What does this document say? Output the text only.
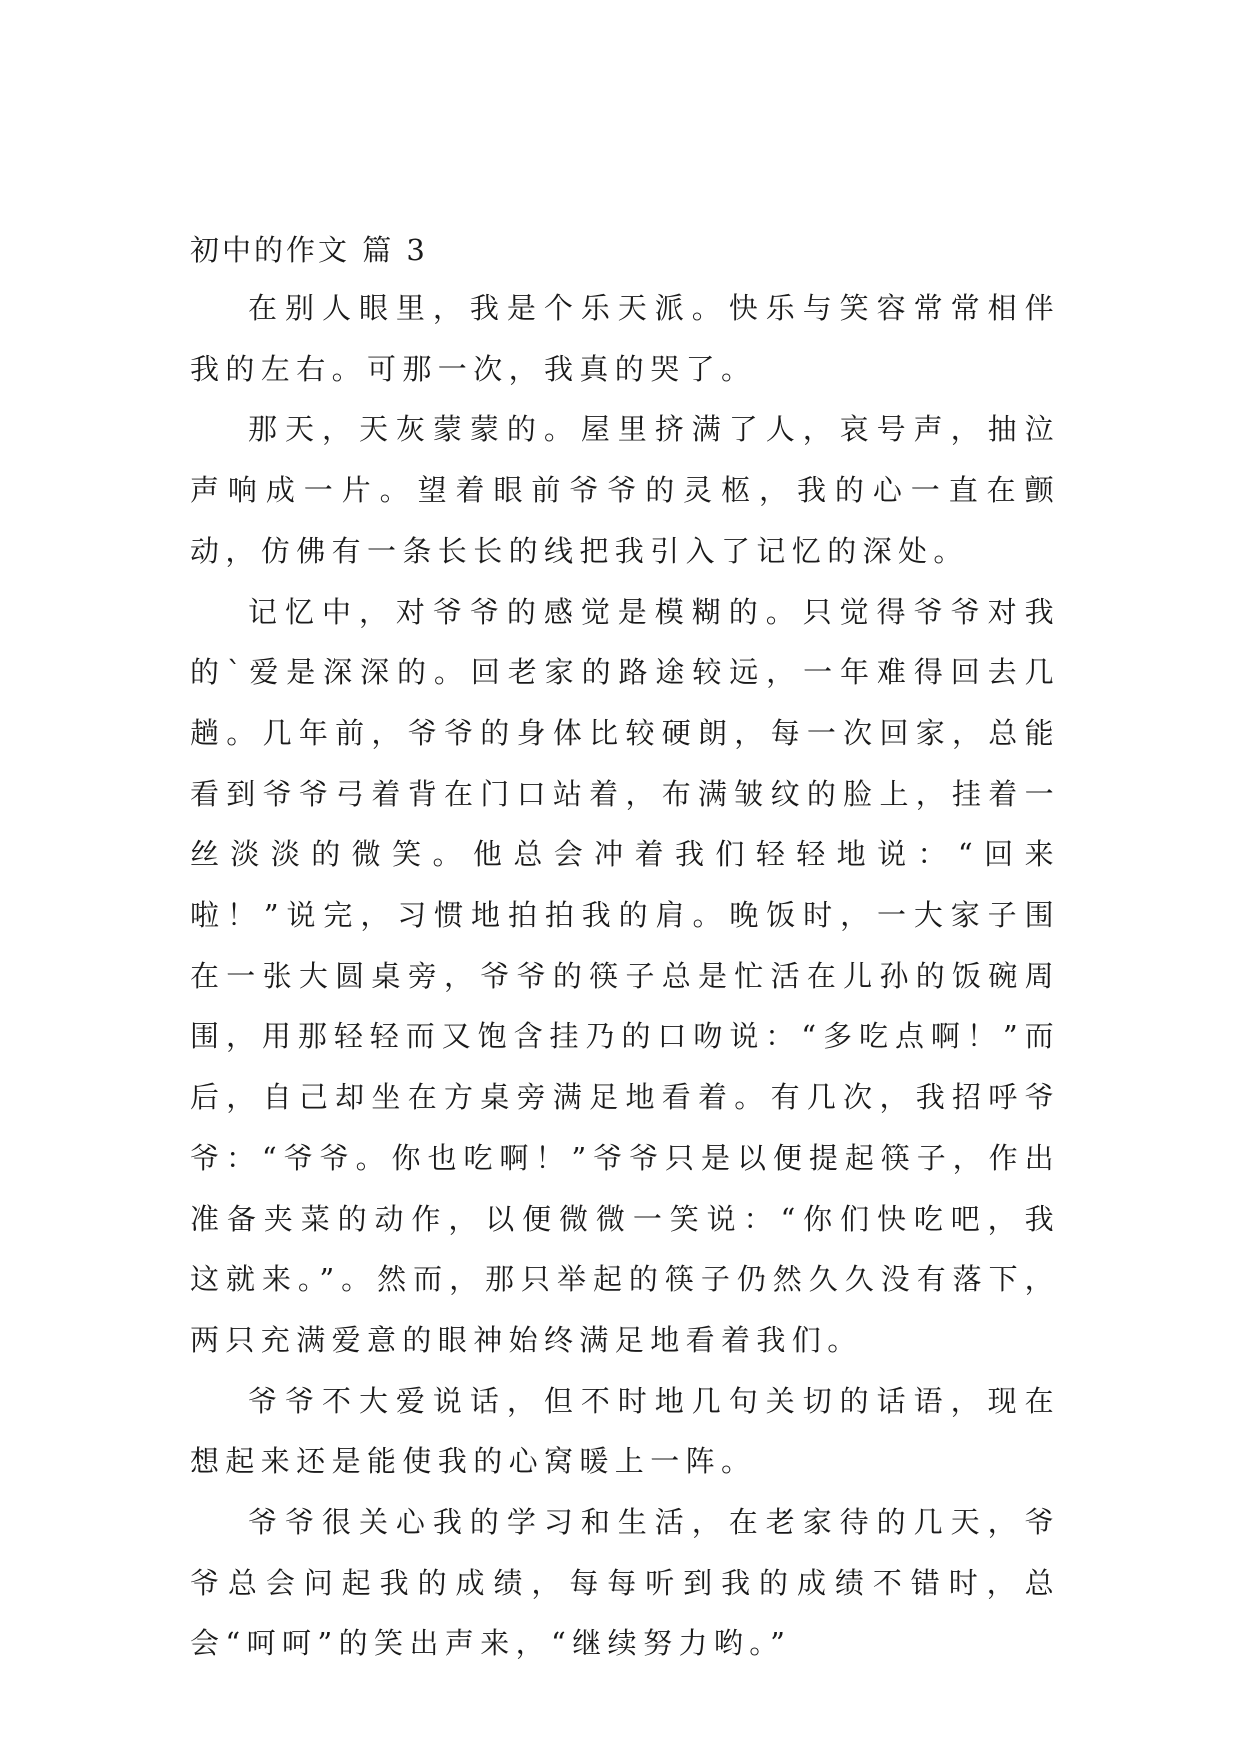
初中的作文 篇 3

在别人眼里，我是个乐天派。快乐与笑容常常相伴我的左右。可那一次，我真的哭了。

那天，天灰蒙蒙的。屋里挤满了人，哀号声，抽泣声响成一片。望着眼前爷爷的灵柩，我的心一直在颤动，仿佛有一条长长的线把我引入了记忆的深处。

记忆中，对爷爷的感觉是模糊的。只觉得爷爷对我的`爱是深深的。回老家的路途较远，一年难得回去几趟。几年前，爷爷的身体比较硬朗，每一次回家，总能看到爷爷弓着背在门口站着，布满皱纹的脸上，挂着一丝淡淡的微笑。他总会冲着我们轻轻地说：“回来啦！”说完，习惯地拍拍我的肩。晚饭时，一大家子围在一张大圆桌旁，爷爷的筷子总是忙活在儿孙的饭碗周围，用那轻轻而又饱含挂乃的口吻说：“多吃点啊！”而后，自己却坐在方桌旁满足地看着。有几次，我招呼爷爷：“爷爷。你也吃啊！”爷爷只是以便提起筷子，作出准备夹菜的动作，以便微微一笑说：“你们快吃吧，我这就来。”。然而，那只举起的筷子仍然久久没有落下，两只充满爱意的眼神始终满足地看着我们。

爷爷不大爱说话，但不时地几句关切的话语，现在想起来还是能使我的心窝暖上一阵。

爷爷很关心我的学习和生活，在老家待的几天，爷爷总会问起我的成绩，每每听到我的成绩不错时，总会“呵呵”的笑出声来，“继续努力哟。”
